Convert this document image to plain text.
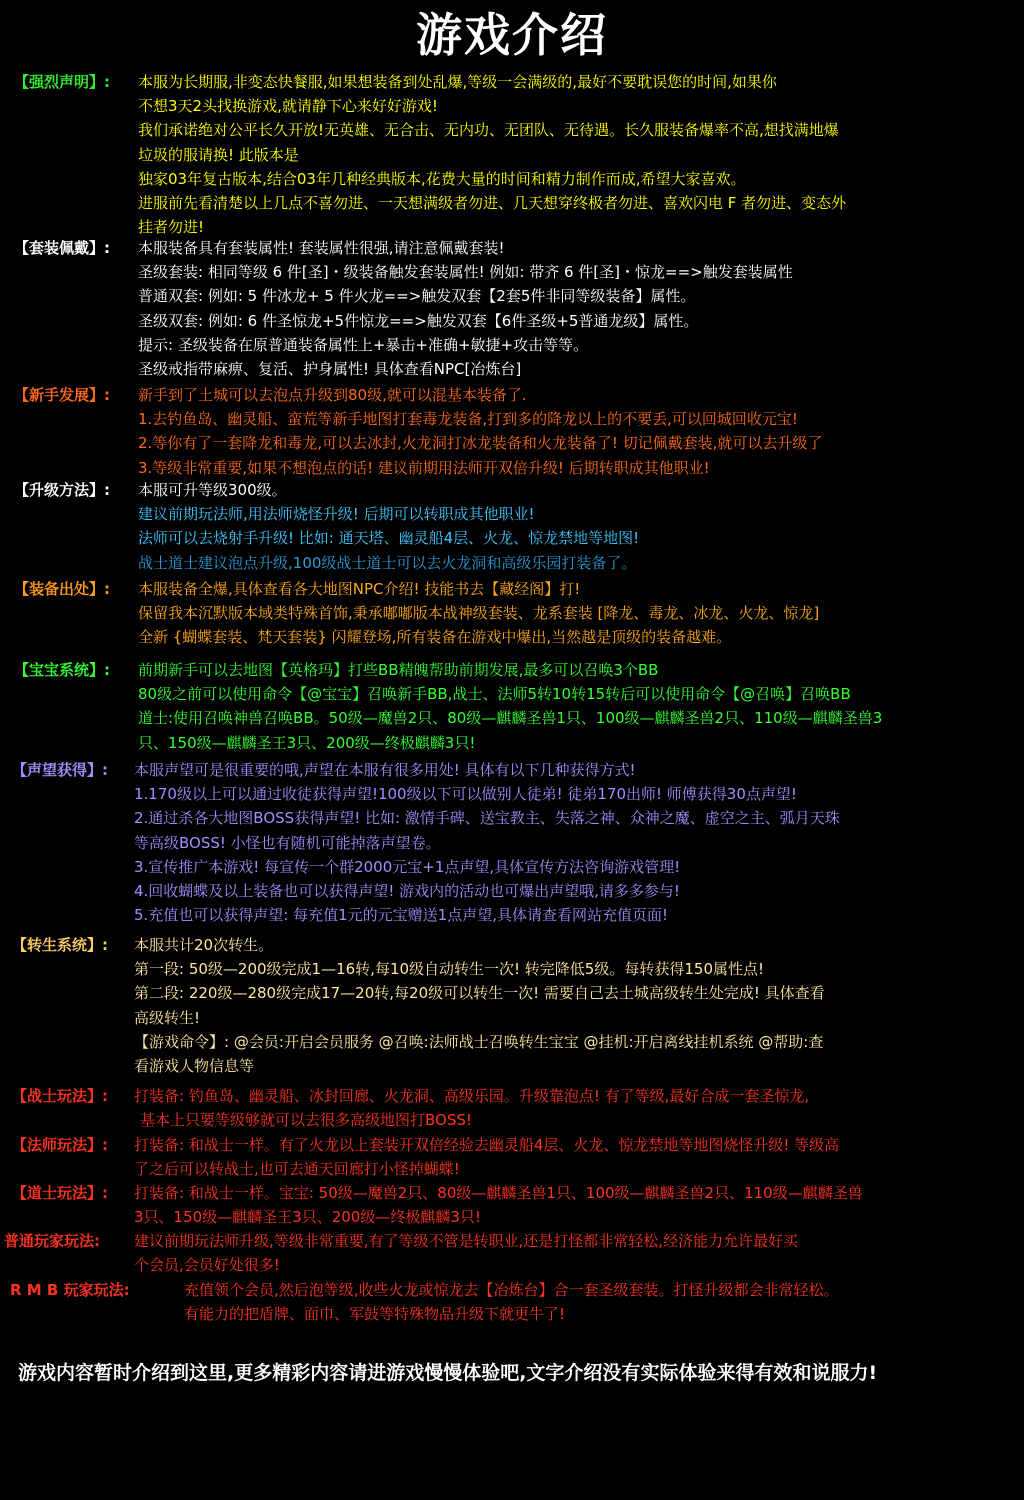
游戏介绍
【强烈声明】: 本服为长期服,非变态快餐服,如果想装备到处乱爆,等级一会满级的,最好不要耽误您的时间,如果你
不想3天2头找换游戏,就请静下心来好好游戏!
我们承诺绝对公平长久开放!无英雄、无合击、无内功、无团队、无待遇。长久服装备爆率不高,想找满地爆
垃圾的服请换! 此版本是
独家03年复古版本,结合03年几种经典版本,花费大量的时间和精力制作而成,希望大家喜欢。
进服前先看清楚以上几点不喜勿进、一天想满级者勿进、几天想穿终极者勿进、喜欢闪电 F 者勿进、变态外
挂者勿进!
【套装佩戴】: 本服装备具有套装属性! 套装属性很强,请注意佩戴套装!
圣级套装: 相同等级 6 件[圣]・级装备触发套装属性! 例如: 带齐 6 件[圣]・惊龙==>触发套装属性
普通双套: 例如: 5 件冰龙+ 5 件火龙==>触发双套【2套5件非同等级装备】属性。
圣级双套: 例如: 6 件圣惊龙+5件惊龙==>触发双套【6件圣级+5普通龙级】属性。
提示: 圣级装备在原普通装备属性上+暴击+准确+敏捷+攻击等等。
圣级戒指带麻痹、复活、护身属性! 具体查看NPC[冶炼台]
【新手发展】: 新手到了土城可以去泡点升级到80级,就可以混基本装备了.
1.去钓鱼岛、幽灵船、蛮荒等新手地图打套毒龙装备,打到多的降龙以上的不要丢,可以回城回收元宝!
2.等你有了一套降龙和毒龙,可以去冰封,火龙洞打冰龙装备和火龙装备了! 切记佩戴套装,就可以去升级了
3.等级非常重要,如果不想泡点的话! 建议前期用法师开双倍升级! 后期转职成其他职业!
【升级方法】: 本服可升等级300级。
建议前期玩法师,用法师烧怪升级! 后期可以转职成其他职业!
法师可以去烧射手升级! 比如: 通天塔、幽灵船4层、火龙、惊龙禁地等地图!
战士道士建议泡点升级,100级战士道士可以去火龙洞和高级乐园打装备了。
【装备出处】: 本服装备全爆,具体查看各大地图NPC介绍! 技能书去【藏经阁】打!
保留我本沉默版本域类特殊首饰,秉承嘟嘟版本战神级套装、龙系套装 [降龙、毒龙、冰龙、火龙、惊龙]
全新 {蝴蝶套装、梵天套装} 闪耀登场,所有装备在游戏中爆出,当然越是顶级的装备越难。
【宝宝系统】: 前期新手可以去地图【英格玛】打些BB精魄帮助前期发展,最多可以召唤3个BB
80级之前可以使用命令【@宝宝】召唤新手BB,战士、法师5转10转15转后可以使用命令【@召唤】召唤BB
道士:使用召唤神兽召唤BB。50级—魔兽2只、80级—麒麟圣兽1只、100级—麒麟圣兽2只、110级—麒麟圣兽3
只、150级—麒麟圣王3只、200级—终极麒麟3只!
【声望获得】: 本服声望可是很重要的哦,声望在本服有很多用处! 具体有以下几种获得方式!
1.170级以上可以通过收徒获得声望!100级以下可以做别人徒弟! 徒弟170出师! 师傅获得30点声望!
2.通过杀各大地图BOSS获得声望! 比如: 激情手碑、送宝教主、失落之神、众神之魔、虚空之主、弧月天珠
等高级BOSS! 小怪也有随机可能掉落声望卷。
3.宣传推广本游戏! 每宣传一个群2000元宝+1点声望,具体宣传方法咨询游戏管理!
4.回收蝴蝶及以上装备也可以获得声望! 游戏内的活动也可爆出声望哦,请多多参与!
5.充值也可以获得声望: 每充值1元的元宝赠送1点声望,具体请查看网站充值页面!
【转生系统】: 本服共计20次转生。
第一段: 50级—200级完成1—16转,每10级自动转生一次! 转完降低5级。每转获得150属性点!
第二段: 220级—280级完成17—20转,每20级可以转生一次! 需要自己去土城高级转生处完成! 具体查看
高级转生!
【游戏命令】: @会员:开启会员服务 @召唤:法师战士召唤转生宝宝 @挂机:开启离线挂机系统 @帮助:查
看游戏人物信息等
【战士玩法】: 打装备: 钓鱼岛、幽灵船、冰封回廊、火龙洞、高级乐园。升级靠泡点! 有了等级,最好合成一套圣惊龙,
基本上只要等级够就可以去很多高级地图打BOSS!
【法师玩法】: 打装备: 和战士一样。有了火龙以上套装开双倍经验去幽灵船4层、火龙、惊龙禁地等地图烧怪升级! 等级高
了之后可以转战士,也可去通天回廊打小怪掉蝴蝶!
【道士玩法】: 打装备: 和战士一样。宝宝: 50级—魔兽2只、80级—麒麟圣兽1只、100级—麒麟圣兽2只、110级—麒麟圣兽
3只、150级—麒麟圣王3只、200级—终极麒麟3只!
普通玩家玩法: 建议前期玩法师升级,等级非常重要,有了等级不管是转职业,还是打怪都非常轻松,经济能力允许最好买
个会员,会员好处很多!
R M B 玩家玩法:	充值领个会员,然后泡等级,收些火龙或惊龙去【冶炼台】合一套圣级套装。打怪升级都会非常轻松。
有能力的把盾牌、面巾、军鼓等特殊物品升级下就更牛了!
游戏内容暂时介绍到这里,更多精彩内容请进游戏慢慢体验吧,文字介绍没有实际体验来得有效和说服力!
